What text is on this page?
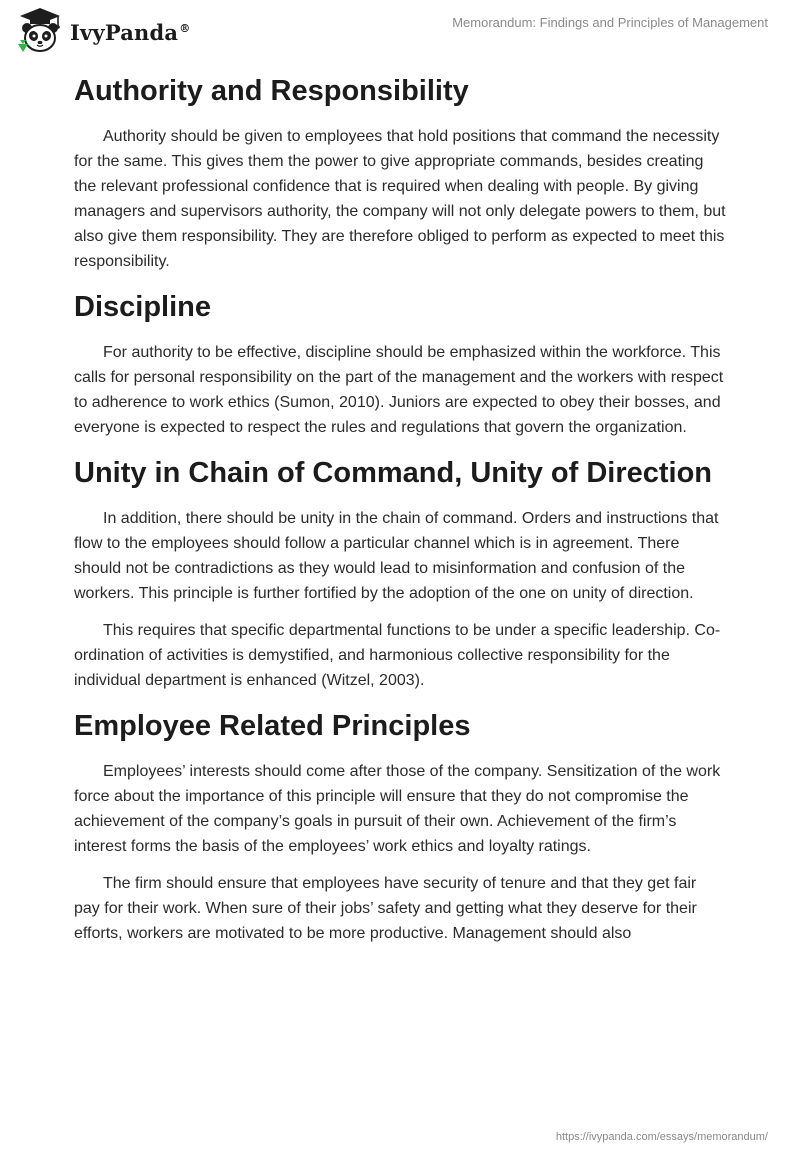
IvyPanda®	Memorandum: Findings and Principles of Management
Authority and Responsibility

Authority should be given to employees that hold positions that command the necessity for the same. This gives them the power to give appropriate commands, besides creating the relevant professional confidence that is required when dealing with people. By giving managers and supervisors authority, the company will not only delegate powers to them, but also give them responsibility. They are therefore obliged to perform as expected to meet this responsibility.

Discipline

For authority to be effective, discipline should be emphasized within the workforce. This calls for personal responsibility on the part of the management and the workers with respect to adherence to work ethics (Sumon, 2010). Juniors are expected to obey their bosses, and everyone is expected to respect the rules and regulations that govern the organization.

Unity in Chain of Command, Unity of Direction

In addition, there should be unity in the chain of command. Orders and instructions that flow to the employees should follow a particular channel which is in agreement. There should not be contradictions as they would lead to misinformation and confusion of the workers. This principle is further fortified by the adoption of the one on unity of direction.

This requires that specific departmental functions to be under a specific leadership. Co-ordination of activities is demystified, and harmonious collective responsibility for the individual department is enhanced (Witzel, 2003).

Employee Related Principles

Employees’ interests should come after those of the company. Sensitization of the work force about the importance of this principle will ensure that they do not compromise the achievement of the company’s goals in pursuit of their own. Achievement of the firm’s interest forms the basis of the employees’ work ethics and loyalty ratings.

The firm should ensure that employees have security of tenure and that they get fair pay for their work. When sure of their jobs’ safety and getting what they deserve for their efforts, workers are motivated to be more productive. Management should also

https://ivypanda.com/essays/memorandum/
